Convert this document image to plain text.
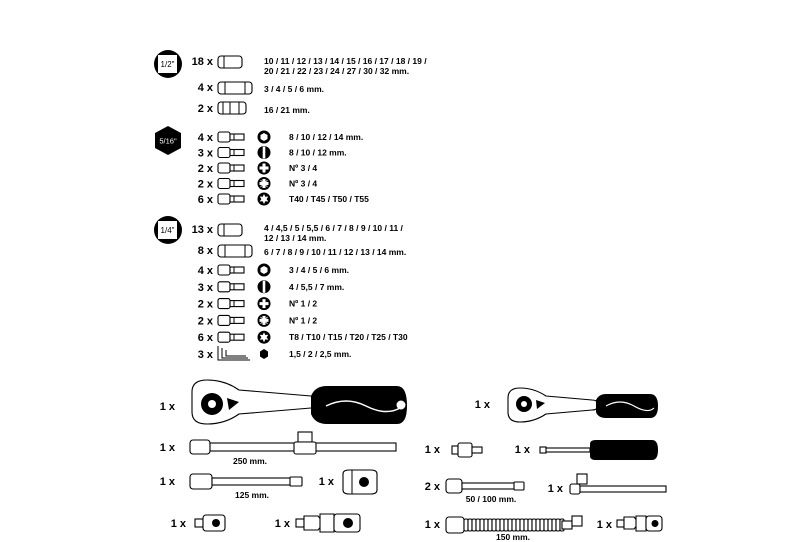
1/2" 18 x	10 / 11 / 12 / 13 / 14 / 15 / 16 / 17 / 18 / 19 /
20 / 21 / 22 / 23 / 24 / 27 / 30 / 32 mm.
4 x	3 / 4 / 5 / 6 mm.
2 x	16 / 21 mm.
5/16" 4 x	8 / 10 / 12 / 14 mm.
3 x	8 / 10 / 12 mm.
2 x	Nº 3 / 4
2 x	Nº 3 / 4
6 x	T40 / T45 / T50 / T55
1/4" 13 x	4 / 4,5 / 5 / 5,5 / 6 / 7 / 8 / 9 / 10 / 11 /
12 / 13 / 14 mm.
8 x	6 / 7 / 8 / 9 / 10 / 11 / 12 / 13 / 14 mm.
4 x	3 / 4 / 5 / 6 mm.
3 x	4 / 5,5 / 7 mm.
2 x	Nº 1 / 2
2 x	Nº 1 / 2
6 x	T8 / T10 / T15 / T20 / T25 / T30
3 x	1,5 / 2 / 2,5 mm.
1 x
1 x
250 mm.
1 x
125 mm.
1 x
1 x	1 x
1 x
1 x	1 x
2 x
50 / 100 mm.
1 x
1 x
150 mm.
1 x
